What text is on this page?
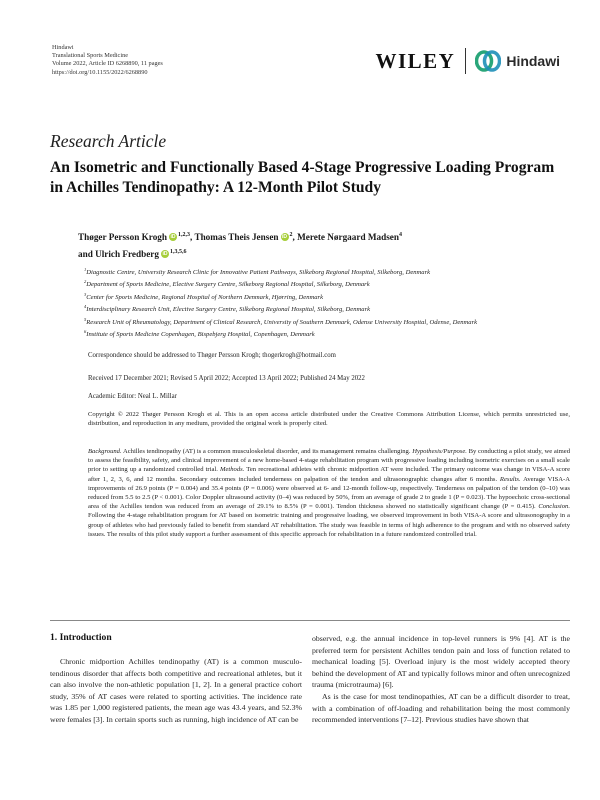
Hindawi
Translational Sports Medicine
Volume 2022, Article ID 6268890, 11 pages
https://doi.org/10.1155/2022/6268890	WILEY	Hindawi
Research Article
An Isometric and Functionally Based 4-Stage Progressive Loading Program in Achilles Tendinopathy: A 12-Month Pilot Study
Thøger Persson Krogh iD $^{1,2,3}$, Thomas Theis Jensen iD $^2$, Merete Nørgaard Madsen$^4$
and Ulrich Fredberg iD $^{1,3,5,6}$
$^1$Diagnostic Centre, University Research Clinic for Innovative Patient Pathways, Silkeborg Regional Hospital, Silkeborg, Denmark
$^2$Department of Sports Medicine, Elective Surgery Centre, Silkeborg Regional Hospital, Silkeborg, Denmark
$^3$Center for Sports Medicine, Regional Hospital of Northern Denmark, Hjørring, Denmark
$^4$Interdisciplinary Research Unit, Elective Surgery Centre, Silkeborg Regional Hospital, Silkeborg, Denmark
$^5$Research Unit of Rheumatology, Department of Clinical Research, University of Southern Denmark, Odense University Hospital, Odense, Denmark
$^6$Institute of Sports Medicine Copenhagen, Bispebjerg Hospital, Copenhagen, Denmark
Correspondence should be addressed to Thøger Persson Krogh; thogerkrogh@hotmail.com
Received 17 December 2021; Revised 5 April 2022; Accepted 13 April 2022; Published 24 May 2022
Academic Editor: Neal L. Millar
Copyright © 2022 Thøger Persson Krogh et al. This is an open access article distributed under the Creative Commons Attribution License, which permits unrestricted use, distribution, and reproduction in any medium, provided the original work is properly cited.
Background. Achilles tendinopathy (AT) is a common musculoskeletal disorder, and its management remains challenging. Hypothesis/Purpose. By conducting a pilot study, we aimed to assess the feasibility, safety, and clinical improvement of a new home-based 4-stage rehabilitation program with progressive loading including isometric exercises on a small scale prior to setting up a randomized controlled trial. Methods. Ten recreational athletes with chronic midportion AT were included. The primary outcome was change in VISA-A score after 1, 2, 3, 6, and 12 months. Secondary outcomes included tenderness on palpation of the tendon and ultrasonographic changes after 6 months. Results. Average VISA-A improvements of 26.9 points (P = 0.004) and 35.4 points (P = 0.006) were observed at 6- and 12-month follow-up, respectively. Tenderness on palpation of the tendon (0–10) was reduced from 5.5 to 2.5 (P < 0.001). Color Doppler ultrasound activity (0–4) was reduced by 50%, from an average of grade 2 to grade 1 (P = 0.023). The hypoechoic cross-sectional area of the Achilles tendon was reduced from an average of 29.1% to 8.5% (P = 0.001). Tendon thickness showed no statistically significant change (P = 0.415). Conclusion. Following the 4-stage rehabilitation program for AT based on isometric training and progressive loading, we observed improvement in both VISA-A score and ultrasonography in a group of athletes who had previously failed to benefit from standard AT rehabilitation. The study was feasible in terms of high adherence to the program and with no observed safety issues. The results of this pilot study support a further assessment of this specific approach for rehabilitation in a future randomized controlled trial.
1. Introduction
Chronic midportion Achilles tendinopathy (AT) is a common musculo-tendinous disorder that affects both competitive and recreational athletes, but it can also involve the non-athletic population [1, 2]. In a general practice cohort study, 35% of AT cases were related to sporting activities. The incidence rate was 1.85 per 1,000 registered patients, the mean age was 43.4 years, and 52.3% were females [3]. In certain sports such as running, high incidence of AT can be

observed, e.g. the annual incidence in top-level runners is 9% [4]. AT is the preferred term for persistent Achilles tendon pain and loss of function related to mechanical loading [5]. Overload injury is the most widely accepted theory behind the development of AT and typically follows minor and often unrecognized trauma (microtrauma) [6].

As is the case for most tendinopathies, AT can be a difficult disorder to treat, with a combination of off-loading and rehabilitation being the most commonly recommended interventions [7–12]. Previous studies have shown that
